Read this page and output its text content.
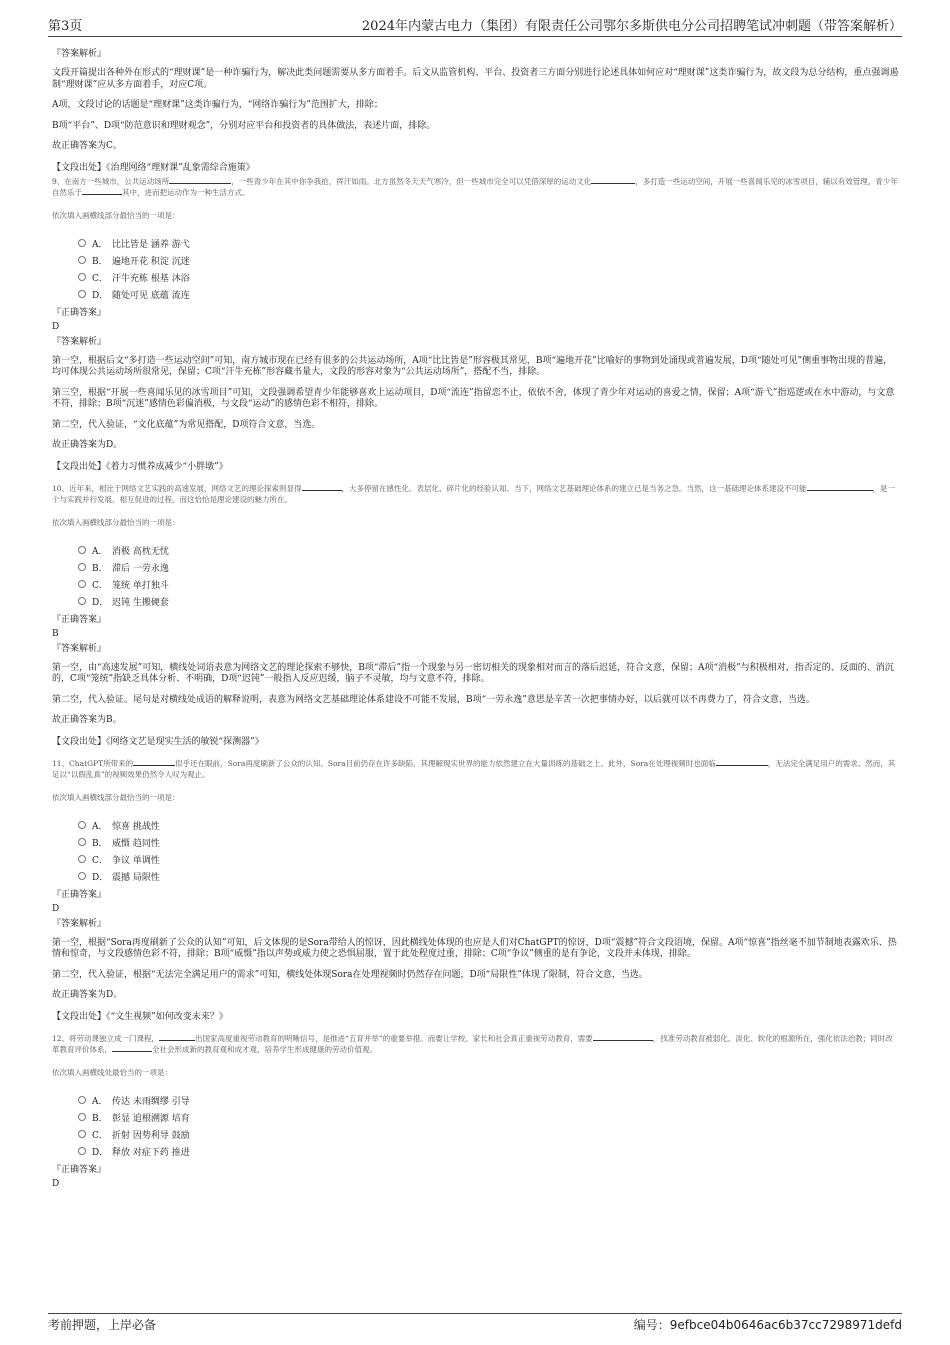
第3页	2024年内蒙古电力（集团）有限责任公司鄂尔多斯供电分公司招聘笔试冲刺题（带答案解析）
『答案解析』
文段开篇提出各种外在形式的“理财课”是一种诈骗行为，解决此类问题需要从多方面着手。后文从监管机构、平台、投资者三方面分别进行论述具体如何应对“理财课”这类诈骗行为，故文段为总分结构，重点强调遏制“理财课”应从多方面着手，对应C项。
A项，文段讨论的话题是“理财课”这类诈骗行为，“网络诈骗行为”范围扩大，排除；
B项“平台”、D项“防范意识和理财观念”，分别对应平台和投资者的具体做法，表述片面，排除。
故正确答案为C。
【文段出处】《治理网络“理财课”乱象需综合施策》
9、在南方一些城市，公共运动场所	，一些青少年在其中你争我抢，挥汗如雨。北方虽然冬天天气寒冷，但一些城市完全可以凭借深厚的运动文化	，多打造一些运动空间，开展一些喜闻乐见的冰雪项目，辅以有效管理，青少年自然乐于	其中，进而把运动作为一种生活方式。
依次填入画横线部分最恰当的一项是：
A． 比比皆是 涵养 游弋
B． 遍地开花 积淀 沉迷
C． 汗牛充栋 根基 沐浴
D． 随处可见 底蕴 流连
『正确答案』
D
『答案解析』
第一空，根据后文“多打造一些运动空间”可知，南方城市现在已经有很多的公共运动场所，A项“比比皆是”形容极其常见，B项“遍地开花”比喻好的事物到处涌现或普遍发展，D项“随处可见”侧重事物出现的普遍，均可体现公共运动场所很常见，保留；C项“汗牛充栋”形容藏书量大，文段的形容对象为“公共运动场所”，搭配不当，排除。
第三空，根据“开展一些喜闻乐见的冰雪项目”可知，文段强调希望青少年能够喜欢上运动项目，D项“流连”指留恋不止，依依不舍，体现了青少年对运动的喜爱之情，保留；A项“游弋”指巡逻或在水中游动，与文意不符，排除；B项“沉迷”感情色彩偏消极，与文段“运动”的感情色彩不相符，排除。
第二空，代入验证，“文化底蕴”为常见搭配，D项符合文意，当选。
故正确答案为D。
【文段出处】《着力习惯养成减少“小胖墩”》
10、近年来，相比于网络文艺实践的高速发展，网络文艺的理论探索则显得	，大多停留在感性化、表层化、碎片化的经验认知。当下，网络文艺基础理论体系的建立已是当务之急。当然，这一基础理论体系建设不可能	，是一个与实践并行发展、相互促进的过程，而这恰恰是理论建设的魅力所在。
依次填入画横线部分最恰当的一项是：
A． 消极 高枕无忧
B． 滞后 一劳永逸
C． 笼统 单打独斗
D． 迟钝 生搬硬套
『正确答案』
B
『答案解析』
第一空，由“高速发展”可知，横线处词语表意为网络文艺的理论探索不够快，B项“滞后”指一个现象与另一密切相关的现象相对而言的落后迟延，符合文意，保留；A项“消极”与积极相对，指否定的、反面的、消沉的，C项“笼统”指缺乏具体分析、不明确，D项“迟钝”一般指人反应迟缓，脑子不灵敏，均与文意不符，排除。
第二空，代入验证。尾句是对横线处成语的解释说明，表意为网络文艺基础理论体系建设不可能不发展，B项“一劳永逸”意思是辛苦一次把事情办好，以后就可以不再费力了，符合文意，当选。
故正确答案为B。
【文段出处】《网络文艺是现实生活的敏锐“探测器”》
11、ChatGPT所带来的	似乎还在眼前，Sora再度刷新了公众的认知。Sora目前仍存在许多缺陷，其理解现实世界的能力依然建立在大量训练的基础之上。此外，Sora在处理视频时也面临	，无法完全满足用户的需求。然而，其足以“以假乱真”的视频效果仍然令人叹为观止。
依次填入画横线部分最恰当的一项是：
A． 惊喜 挑战性
B． 威慑 趋同性
C． 争议 单调性
D． 震撼 局限性
『正确答案』
D
『答案解析』
第一空，根据“Sora再度刷新了公众的认知”可知，后文体现的是Sora带给人的惊讶，因此横线处体现的也应是人们对ChatGPT的惊讶，D项“震撼”符合文段语境，保留。A项“惊喜”指丝毫不加节制地表露欢乐、热情和惊奇，与文段感情色彩不符，排除；B项“威慑”指以声势或威力使之恐惧屈服，置于此处程度过重，排除；C项“争议”侧重的是有争论，文段并未体现，排除。
第二空，代入验证，根据“无法完全满足用户的需求”可知，横线处体现Sora在处理视频时仍然存在问题，D项“局限性”体现了限制，符合文意，当选。
故正确答案为D。
【文段出处】《“文生视频”如何改变未来？》
12、将劳动课独立成一门课程，	出国家高度重视劳动教育的明晰信号，是推进“五育并举”的重要举措。而要让学校、家长和社会真正重视劳动教育，需要	，找准劳动教育被弱化、淡化、软化的根源所在，强化依法治教；同时改革教育评价体系，	全社会形成新的教育观和成才观，培养学生形成健康的劳动价值观。
依次填入画横线处最恰当的一项是：
A． 传达 未雨绸缪 引导
B． 彰显 追根溯源 培育
C． 折射 因势利导 鼓励
D． 释放 对症下药 推进
『正确答案』
D
考前押题，上岸必备	编号：9efbce04b0646ac6b37cc7298971defd
